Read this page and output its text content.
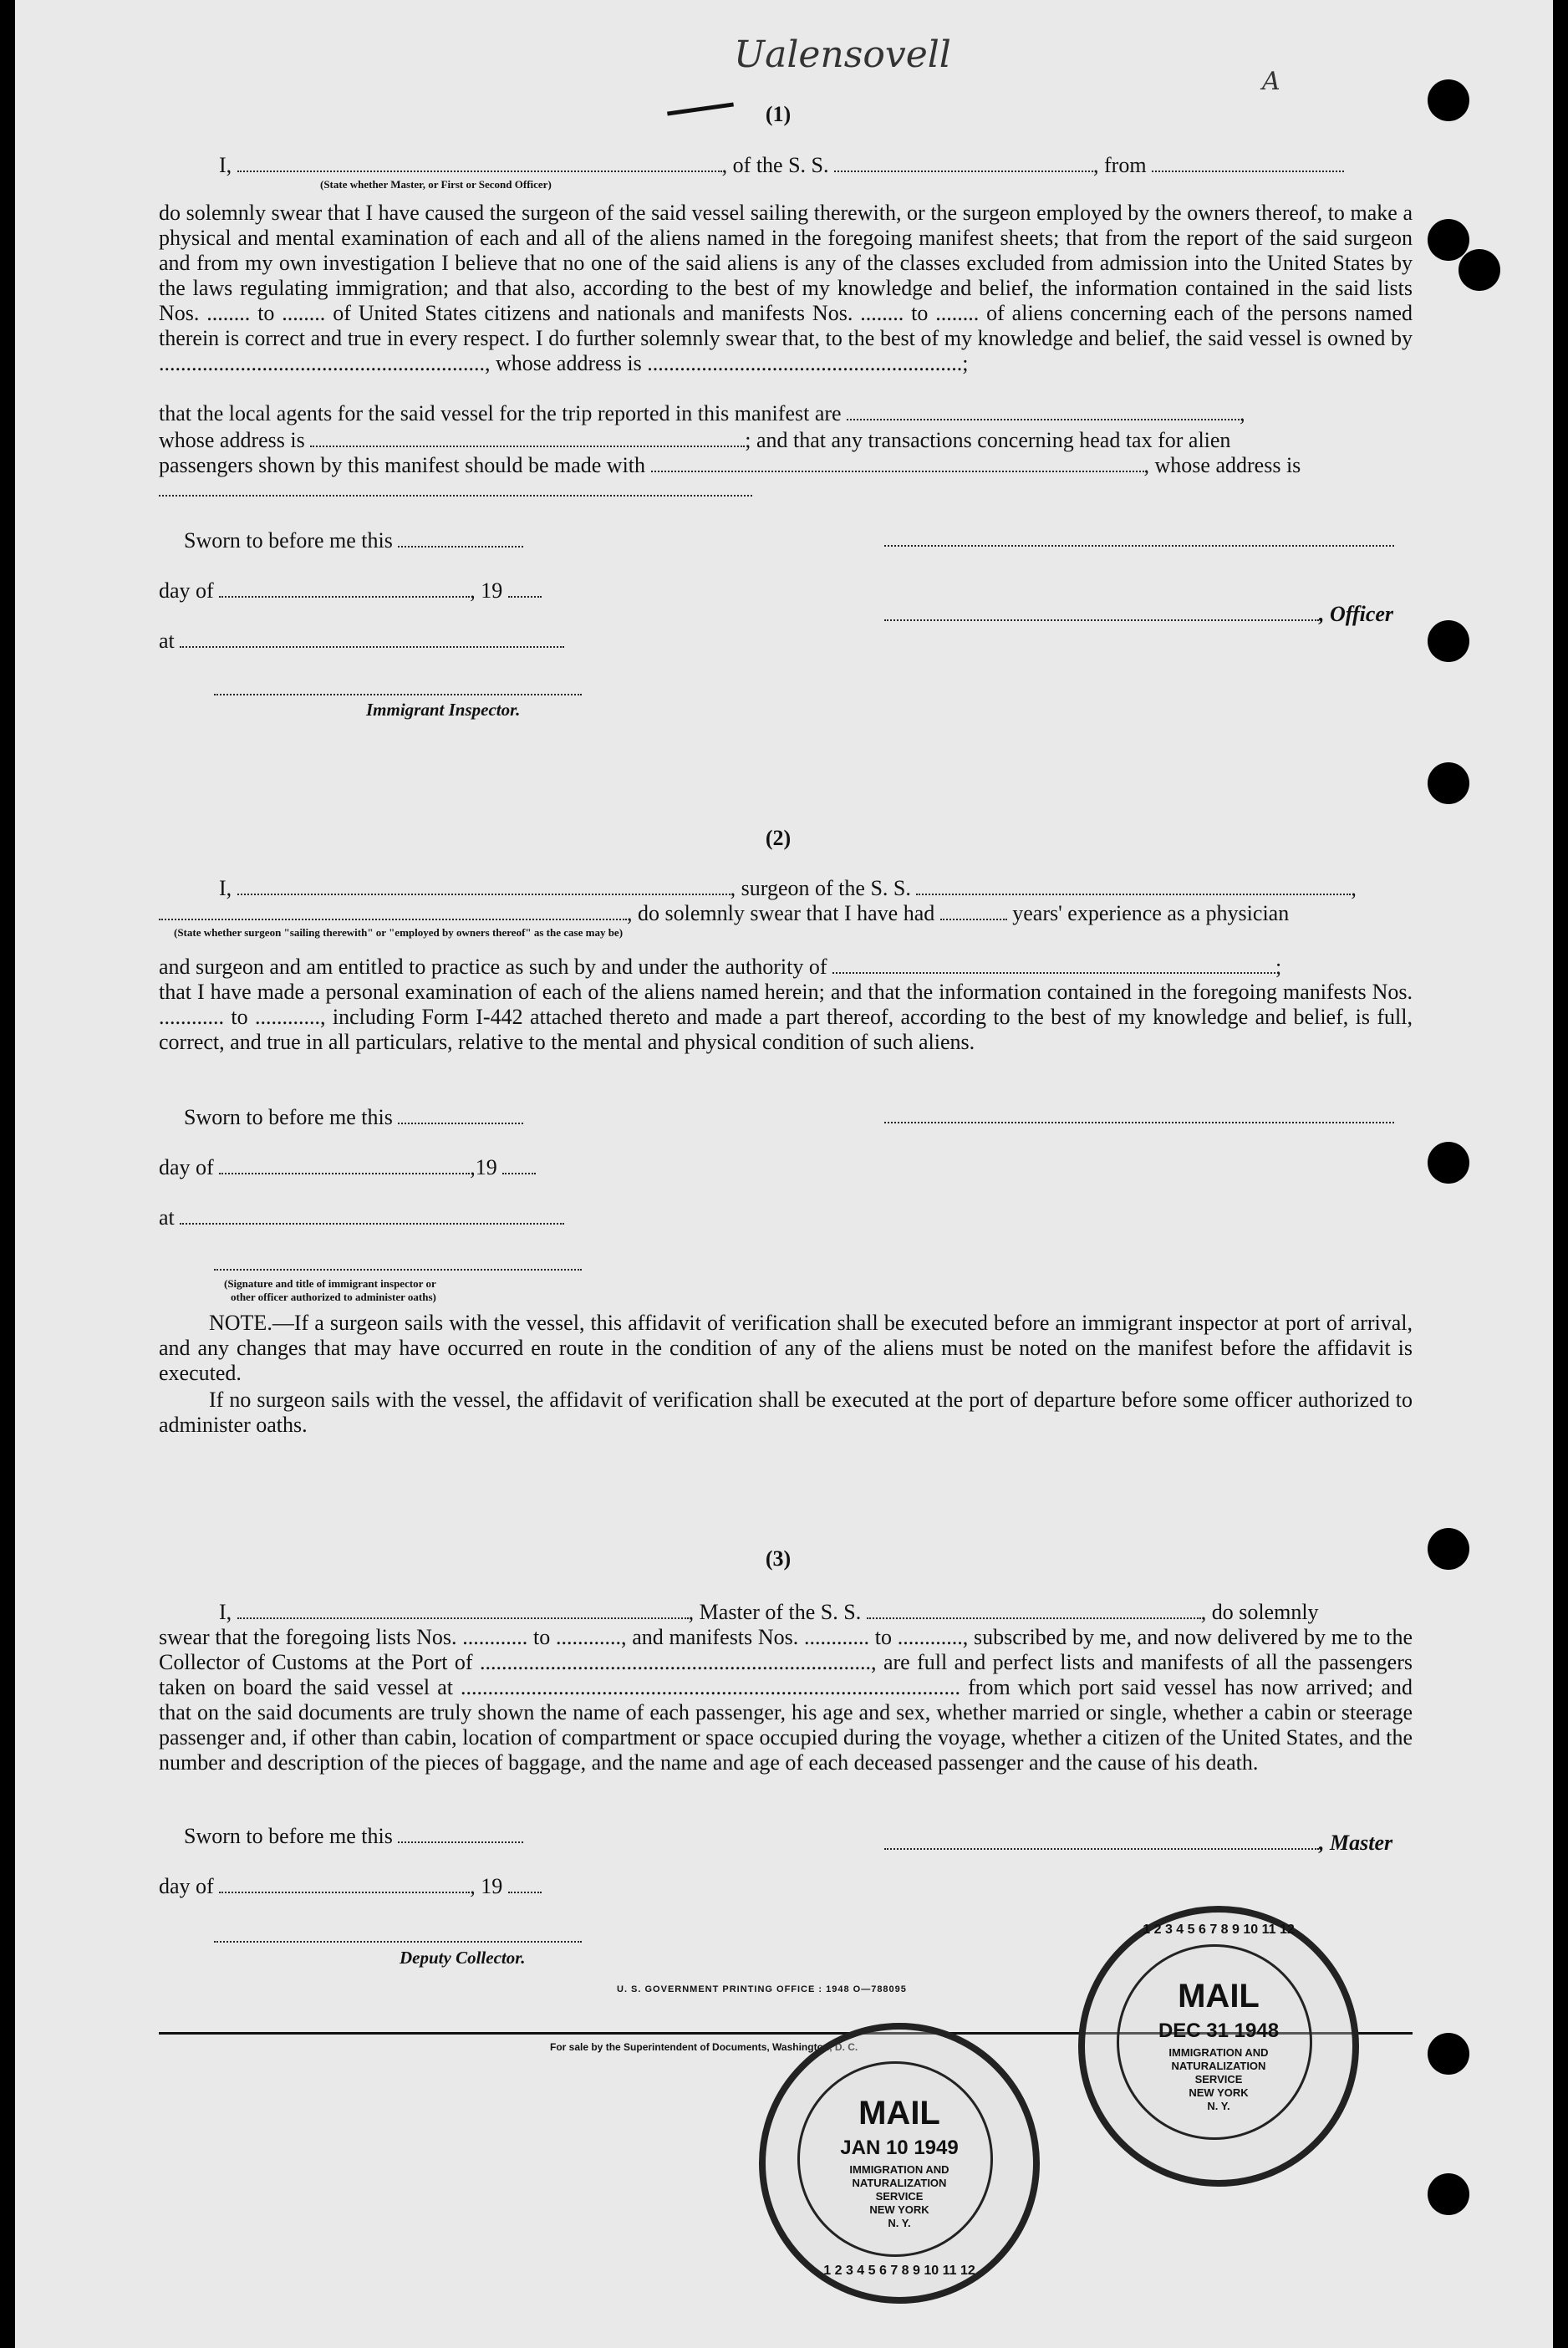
Ualensovell
A
(1)
I,	, of the S. S.	, from
(State whether Master, or First or Second Officer)
do solemnly swear that I have caused the surgeon of the said vessel sailing therewith, or the surgeon employed by the owners thereof, to make a physical and mental examination of each and all of the aliens named in the foregoing manifest sheets; that from the report of the said surgeon and from my own investigation I believe that no one of the said aliens is any of the classes excluded from admission into the United States by the laws regulating immigration; and that also, according to the best of my knowledge and belief, the information contained in the said lists Nos. ........ to ........ of United States citizens and nationals and manifests Nos. ........ to ........ of aliens concerning each of the persons named therein is correct and true in every respect. I do further solemnly swear that, to the best of my knowledge and belief, the said vessel is owned by ............................................................, whose address is ..........................................................;
that the local agents for the said vessel for the trip reported in this manifest are	,
whose address is	; and that any transactions concerning head tax for alien
passengers shown by this manifest should be made with	, whose address is
Sworn to before me this
day of	, 19
, Officer
at
Immigrant Inspector.
(2)
I,	, surgeon of the S. S.	,
, do solemnly swear that I have had	years' experience as a physician
(State whether surgeon "sailing therewith" or "employed by owners thereof" as the case may be)
and surgeon and am entitled to practice as such by and under the authority of	;
that I have made a personal examination of each of the aliens named herein; and that the information contained in the foregoing manifests Nos. ............ to ............, including Form I-442 attached thereto and made a part thereof, according to the best of my knowledge and belief, is full, correct, and true in all particulars, relative to the mental and physical condition of such aliens.
Sworn to before me this
day of	,19
at
(Signature and title of immigrant inspector or
other officer authorized to administer oaths)
NOTE.—If a surgeon sails with the vessel, this affidavit of verification shall be executed before an immigrant inspector at port of arrival, and any changes that may have occurred en route in the condition of any of the aliens must be noted on the manifest before the affidavit is executed.
If no surgeon sails with the vessel, the affidavit of verification shall be executed at the port of departure before some officer authorized to administer oaths.
(3)
I,	, Master of the S. S.	, do solemnly
swear that the foregoing lists Nos. ............ to ............, and manifests Nos. ............ to ............, subscribed by me, and now delivered by me to the Collector of Customs at the Port of ........................................................................, are full and perfect lists and manifests of all the passengers taken on board the said vessel at ............................................................................................ from which port said vessel has now arrived; and that on the said documents are truly shown the name of each passenger, his age and sex, whether married or single, whether a cabin or steerage passenger and, if other than cabin, location of compartment or space occupied during the voyage, whether a citizen of the United States, and the number and description of the pieces of baggage, and the name and age of each deceased passenger and the cause of his death.
Sworn to before me this	, Master
day of	, 19
Deputy Collector.
U. S. GOVERNMENT PRINTING OFFICE : 1948 O—788095
For sale by the Superintendent of Documents, Washington, D. C.
MAIL
DEC 31 1948
IMMIGRATION AND
NATURALIZATION
SERVICE
NEW YORK
N. Y.
1 2 3 4 5 6 7 8 9 10 11 12
MAIL
JAN 10 1949
IMMIGRATION AND
NATURALIZATION
SERVICE
NEW YORK
N. Y.
1 2 3 4 5 6 7 8 9 10 11 12
